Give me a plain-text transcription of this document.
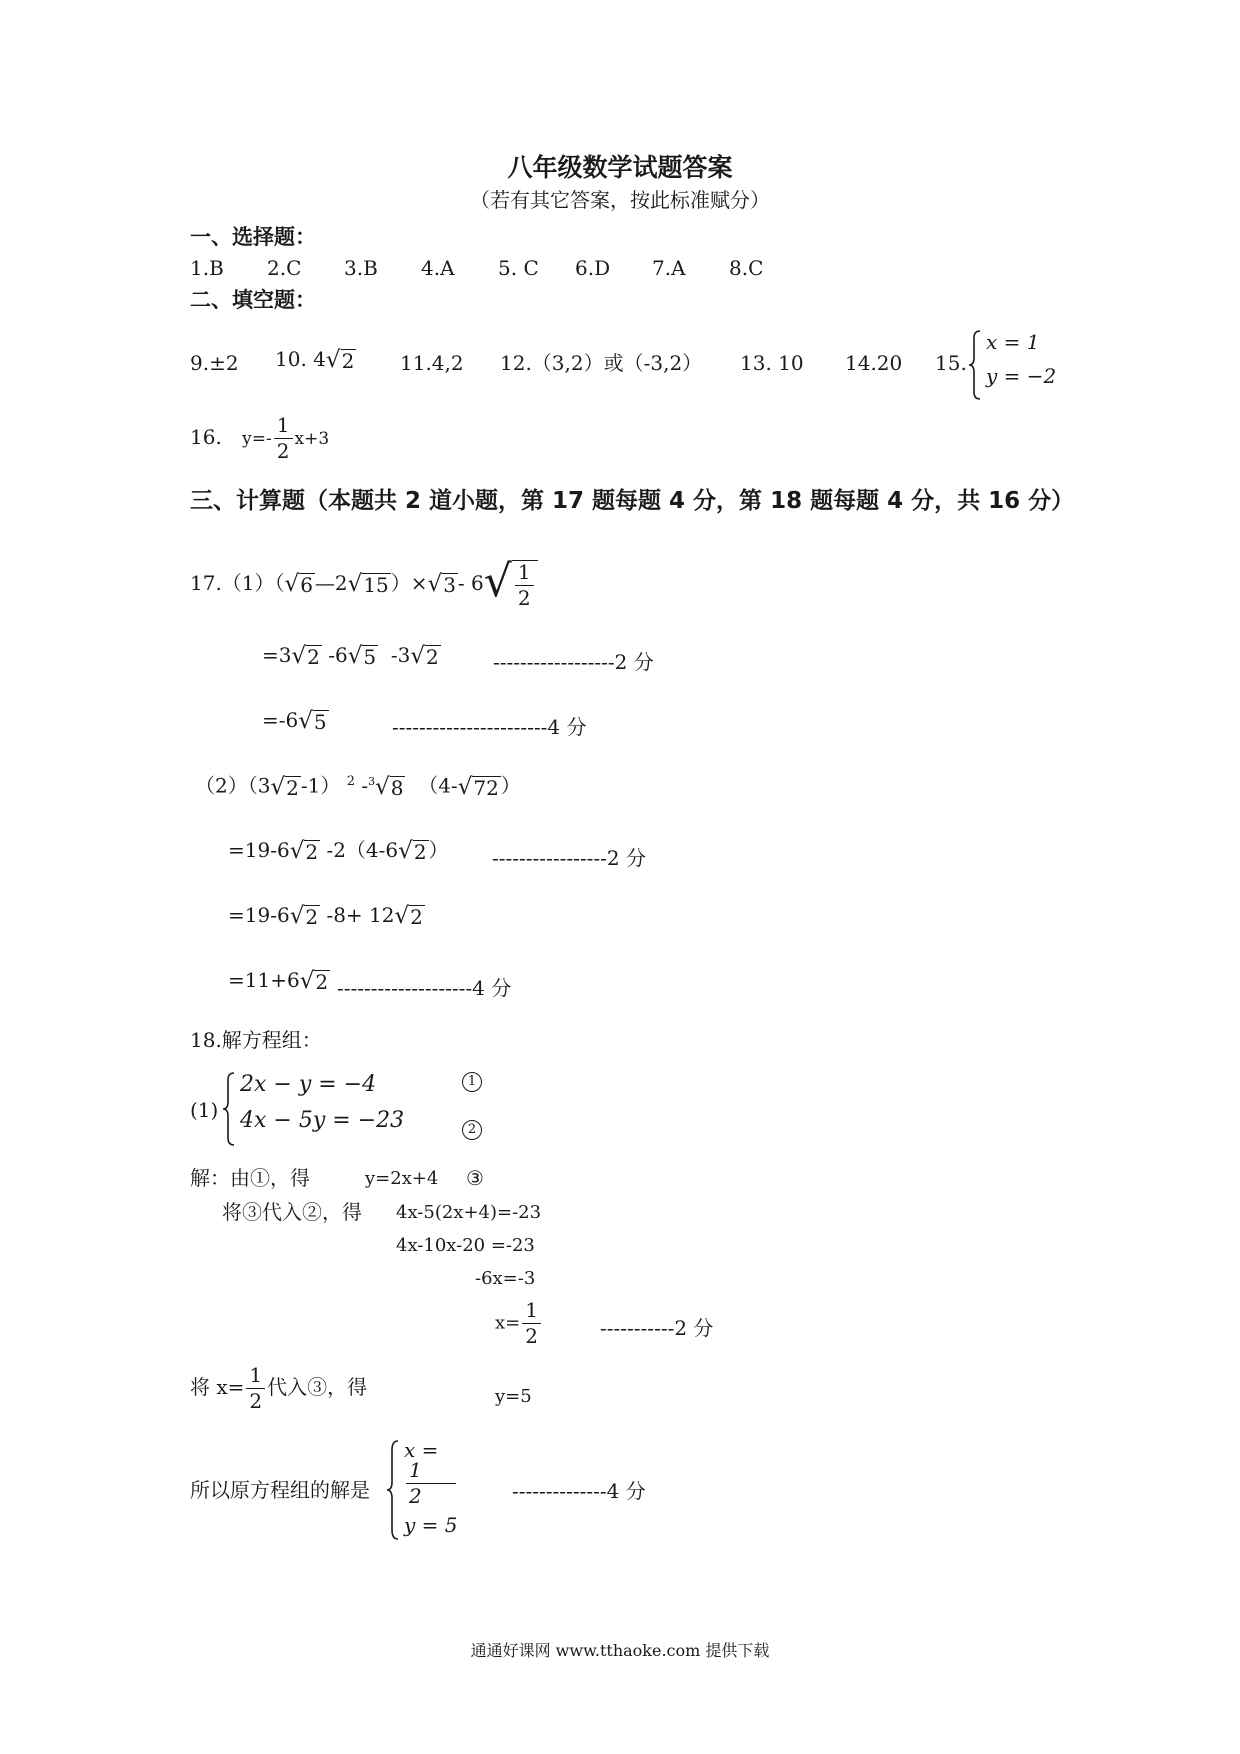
八年级数学试题答案
（若有其它答案，按此标准赋分）
一、选择题：
1.B 2.C 3.B 4.A 5. C 6.D 7.A 8.C
二、填空题：
9.±2 10. 4 √ 2 11.4,2 12.（3,2）或（-3,2） 13. 10 14.20 15.
x = 1
y = −2
16. $y=- \frac{1}{2} x+3$
三、计算题（本题共 2 道小题，第 17 题每题 4 分，第 18 题每题 4 分，共 16 分）
17.（1）（ √ 6 —2 √ 15 ）× √ 3 - 6 √ $\frac{1}{2}$
=3 √ 2 -6 √ 5 -3 √ 2	------------------2 分
=-6 √ 5	-----------------------4 分
（2）（3 √ 2 -1） $^2$ -$^3$ √ 8 （4- √ 72 ）
=19-6 √ 2 -2（4-6 √ 2 ） -----------------2 分
=19-6 √ 2 -8+ 12 √ 2
=11+6 √ 2 --------------------4 分
18.解方程组：
(1)
2x − y = −4
4x − 5y = −23
1
2
解：由①，得	y=2x+4 ③
将③代入②，得 4x-5(2x+4)=-23
4x-10x-20 =-23
-6x=-3
$x= \frac{1}{2}$	-----------2 分
将 $x= \frac{1}{2}$ 代入③，得	y=5
所以原方程组的解是
x =
1
2
y = 5
--------------4 分
通通好课网 www.tthaoke.com 提供下载
